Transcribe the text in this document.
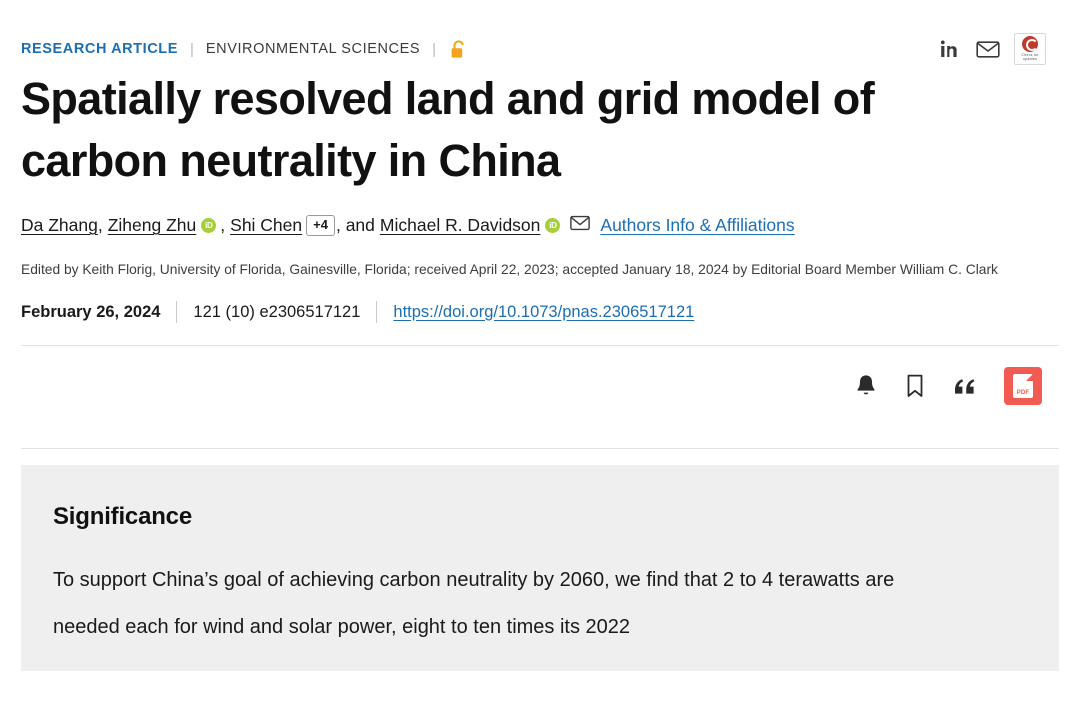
RESEARCH ARTICLE | ENVIRONMENTAL SCIENCES |	Check for updates
Spatially resolved land and grid model of carbon neutrality in China
Da Zhang , Ziheng Zhu	iD , Shi Chen +4 , and Michael R. Davidson	iD	Authors Info & Affiliations
Edited by Keith Florig, University of Florida, Gainesville, Florida; received April 22, 2023; accepted January 18, 2024 by Editorial Board Member William C. Clark
February 26, 2024 121 (10) e2306517121 https://doi.org/10.1073/pnas.2306517121
PDF
Significance

To support China’s goal of achieving carbon neutrality by 2060, we find that 2 to 4 terawatts are needed each for wind and solar power, eight to ten times its 2022
